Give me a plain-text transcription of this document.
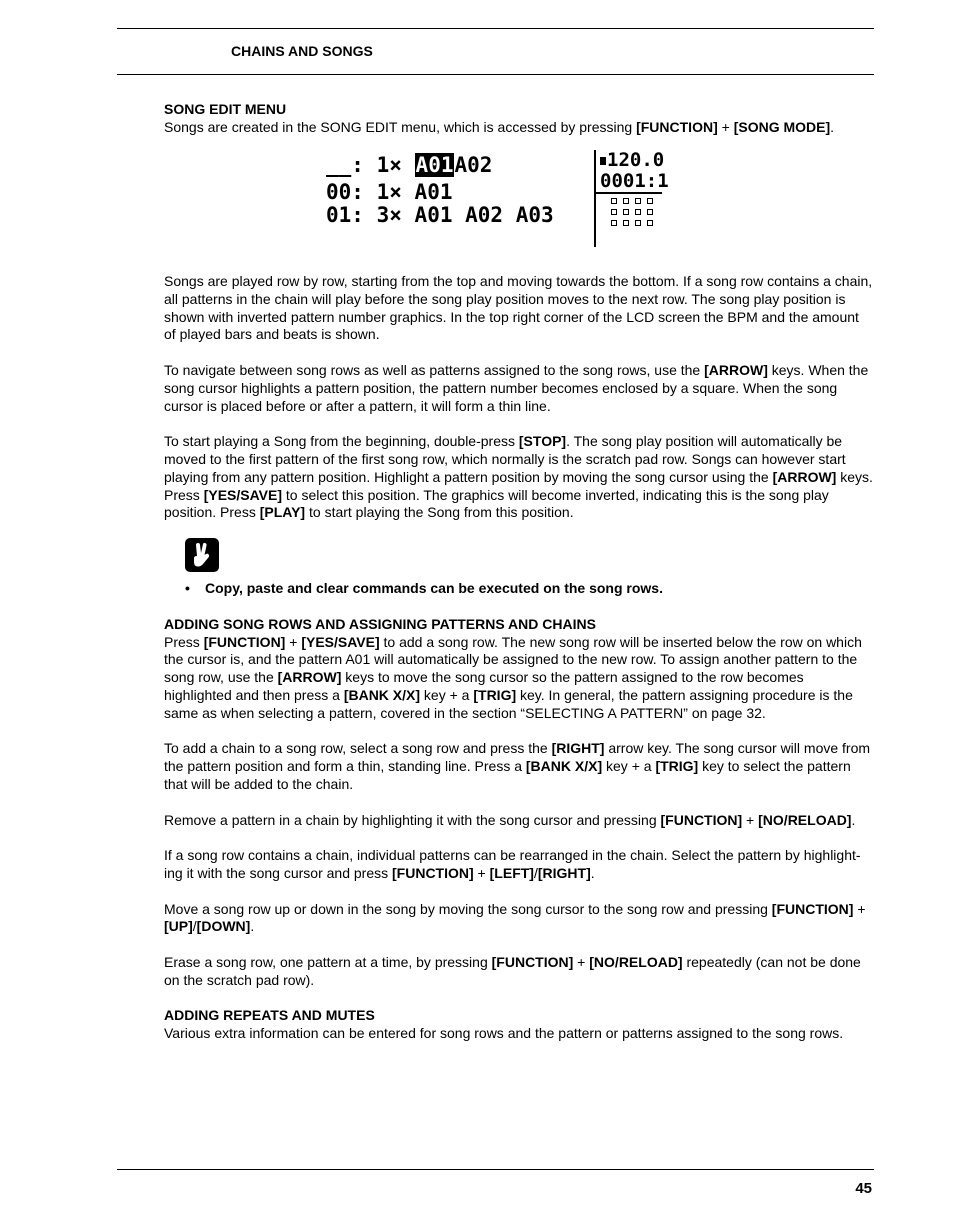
CHAINS AND SONGS

SONG EDIT MENU

Songs are created in the SONG EDIT menu, which is accessed by pressing [FUNCTION] + [SONG MODE].

__: 1× A01A02
00: 1× A01
01: 3× A01 A02 A03
120.0
0001:1

Songs are played row by row, starting from the top and moving towards the bottom. If a song row contains a chain, all patterns in the chain will play before the song play position moves to the next row. The song play position is shown with inverted pattern number graphics. In the top right corner of the LCD screen the BPM and the amount of played bars and beats is shown.

To navigate between song rows as well as patterns assigned to the song rows, use the [ARROW] keys. When the song cursor highlights a pattern position, the pattern number becomes enclosed by a square. When the song cursor is placed before or after a pattern, it will form a thin line.

To start playing a Song from the beginning, double-press [STOP]. The song play position will automatically be moved to the first pattern of the first song row, which normally is the scratch pad row. Songs can however start playing from any pattern position. Highlight a pattern position by moving the song cursor using the [ARROW] keys. Press [YES/SAVE] to select this position. The graphics will become inverted, indicating this is the song play position. Press [PLAY] to start playing the Song from this position.

•	Copy, paste and clear commands can be executed on the song rows.

ADDING SONG ROWS AND ASSIGNING PATTERNS AND CHAINS

Press [FUNCTION] + [YES/SAVE] to add a song row. The new song row will be inserted below the row on which the cursor is, and the pattern A01 will automatically be assigned to the new row. To assign another pattern to the song row, use the [ARROW] keys to move the song cursor so the pattern assigned to the row becomes highlighted and then press a [BANK X/X] key + a [TRIG] key. In general, the pattern assigning procedure is the same as when selecting a pattern, covered in the section “SELECTING A PATTERN” on page 32.

To add a chain to a song row, select a song row and press the [RIGHT] arrow key. The song cursor will move from the pattern position and form a thin, standing line. Press a [BANK X/X] key + a [TRIG] key to select the pattern that will be added to the chain.

Remove a pattern in a chain by highlighting it with the song cursor and pressing [FUNCTION] + [NO/RELOAD].

If a song row contains a chain, individual patterns can be rearranged in the chain. Select the pattern by highlighting it with the song cursor and press [FUNCTION] + [LEFT]/[RIGHT].

Move a song row up or down in the song by moving the song cursor to the song row and pressing [FUNCTION] + [UP]/[DOWN].

Erase a song row, one pattern at a time, by pressing [FUNCTION] + [NO/RELOAD] repeatedly (can not be done on the scratch pad row).

ADDING REPEATS AND MUTES

Various extra information can be entered for song rows and the pattern or patterns assigned to the song rows.

45
